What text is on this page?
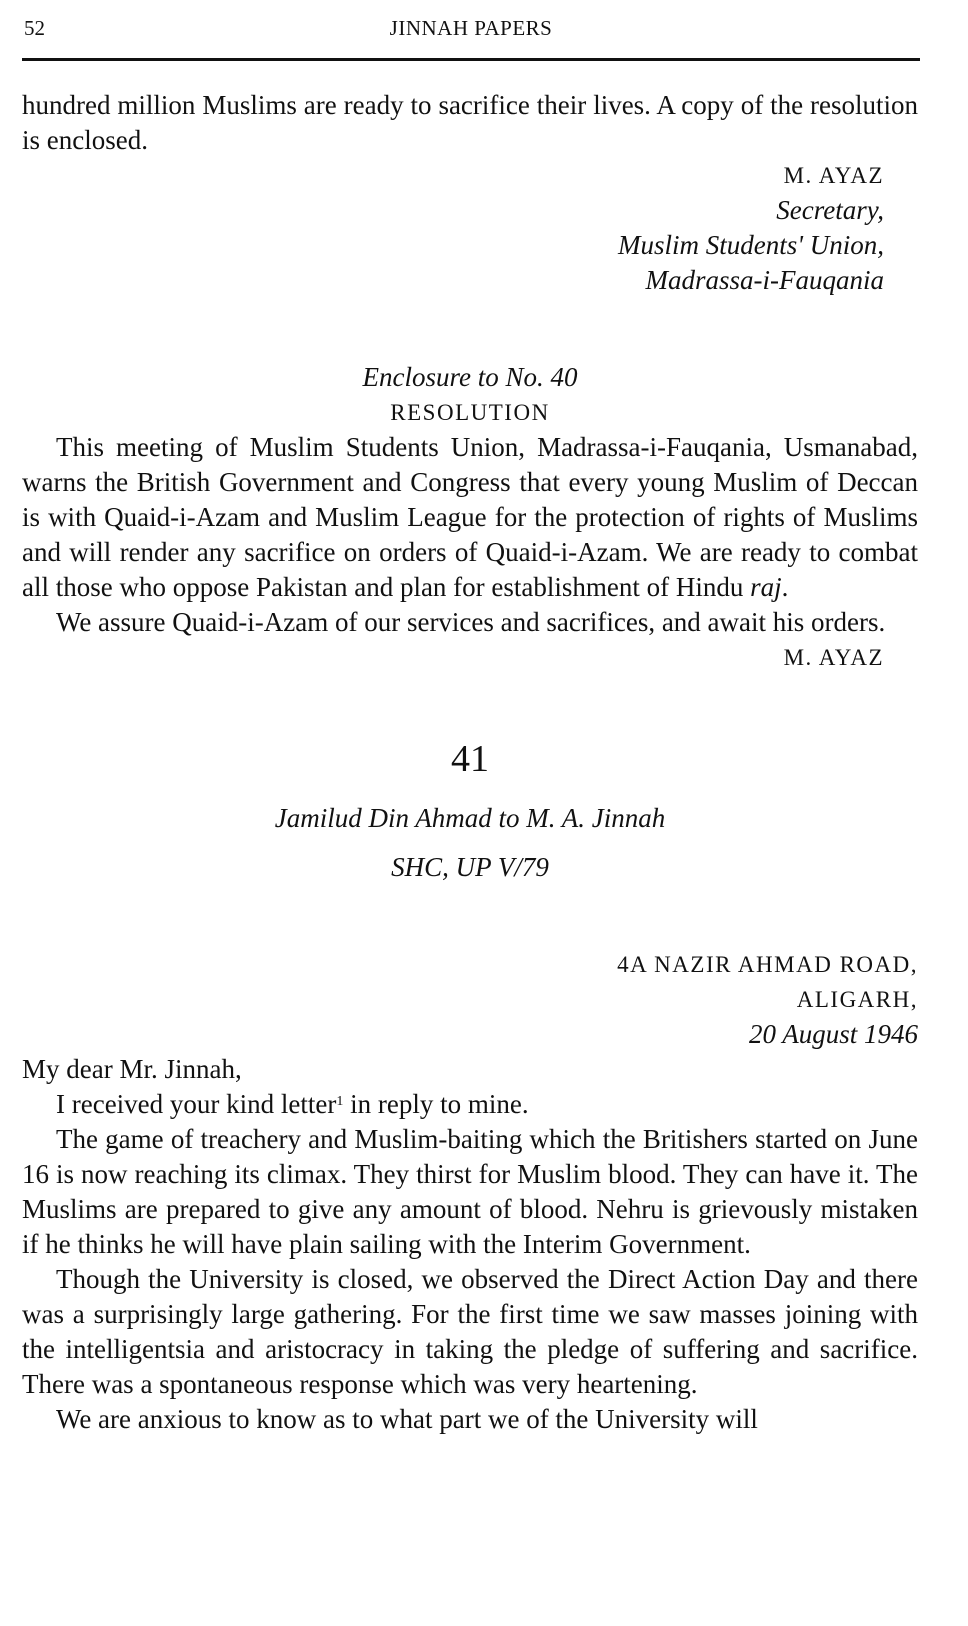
52	JINNAH PAPERS

hundred million Muslims are ready to sacrifice their lives. A copy of the resolution is enclosed.

M. AYAZ
Secretary,
Muslim Students' Union,
Madrassa-i-Fauqania
Enclosure to No. 40
RESOLUTION

This meeting of Muslim Students Union, Madrassa-i-Fauqania, Usmanabad, warns the British Government and Congress that every young Muslim of Deccan is with Quaid-i-Azam and Muslim League for the protection of rights of Muslims and will render any sacrifice on orders of Quaid-i-Azam. We are ready to combat all those who oppose Pakistan and plan for establishment of Hindu raj.

We assure Quaid-i-Azam of our services and sacrifices, and await his orders.

M. AYAZ
41
Jamilud Din Ahmad to M. A. Jinnah
SHC, UP V/79
4A NAZIR AHMAD ROAD,
ALIGARH,
20 August 1946

My dear Mr. Jinnah,

I received your kind letter$^1$ in reply to mine.

The game of treachery and Muslim-baiting which the Britishers started on June 16 is now reaching its climax. They thirst for Muslim blood. They can have it. The Muslims are prepared to give any amount of blood. Nehru is grievously mistaken if he thinks he will have plain sailing with the Interim Government.

Though the University is closed, we observed the Direct Action Day and there was a surprisingly large gathering. For the first time we saw masses joining with the intelligentsia and aristocracy in taking the pledge of suffering and sacrifice. There was a spontaneous response which was very heartening.

We are anxious to know as to what part we of the University will
